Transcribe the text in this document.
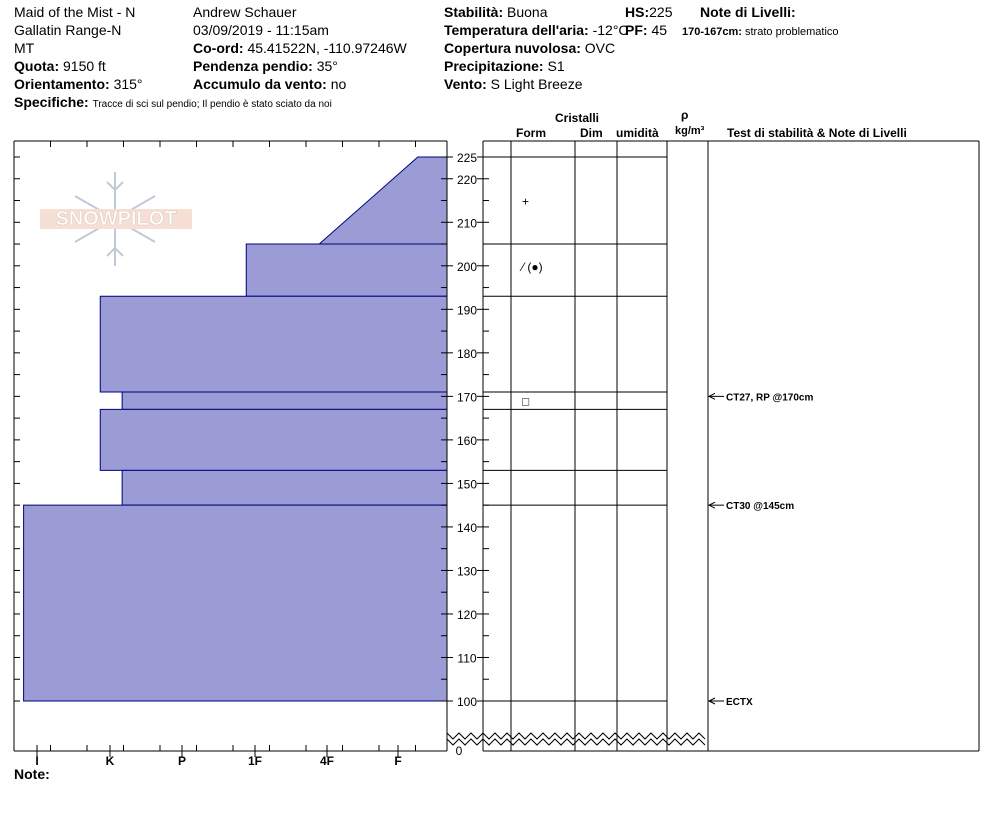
Maid of the Mist - N
Gallatin Range-N
MT
Quota: 9150 ft
Orientamento: 315°
Specifiche: Tracce di sci sul pendio; Il pendio è stato sciato da noi
Andrew Schauer
03/09/2019 - 11:15am
Co-ord: 45.41522N, -110.97246W
Pendenza pendio: 35°
Accumulo da vento: no
Stabilità: Buona
Temperatura dell'aria: -12°C
Copertura nuvolosa: OVC
Precipitazione: S1
Vento: S Light Breeze
HS:225
PF: 45
Note di Livelli:
170-167cm: strato problematico
Cristalli
Form	Dim umidità
ρ
kg/m³ Test di stabilità & Note di Livelli
Note:
SNOWPILOT
100
110
120
130
140
150
160
170
180
190
200
210
220
225
0
I	K	P	1F	4F	F
+
⁄ (●)
□	CT27, RP @170cm
CT30 @145cm
ECTX
